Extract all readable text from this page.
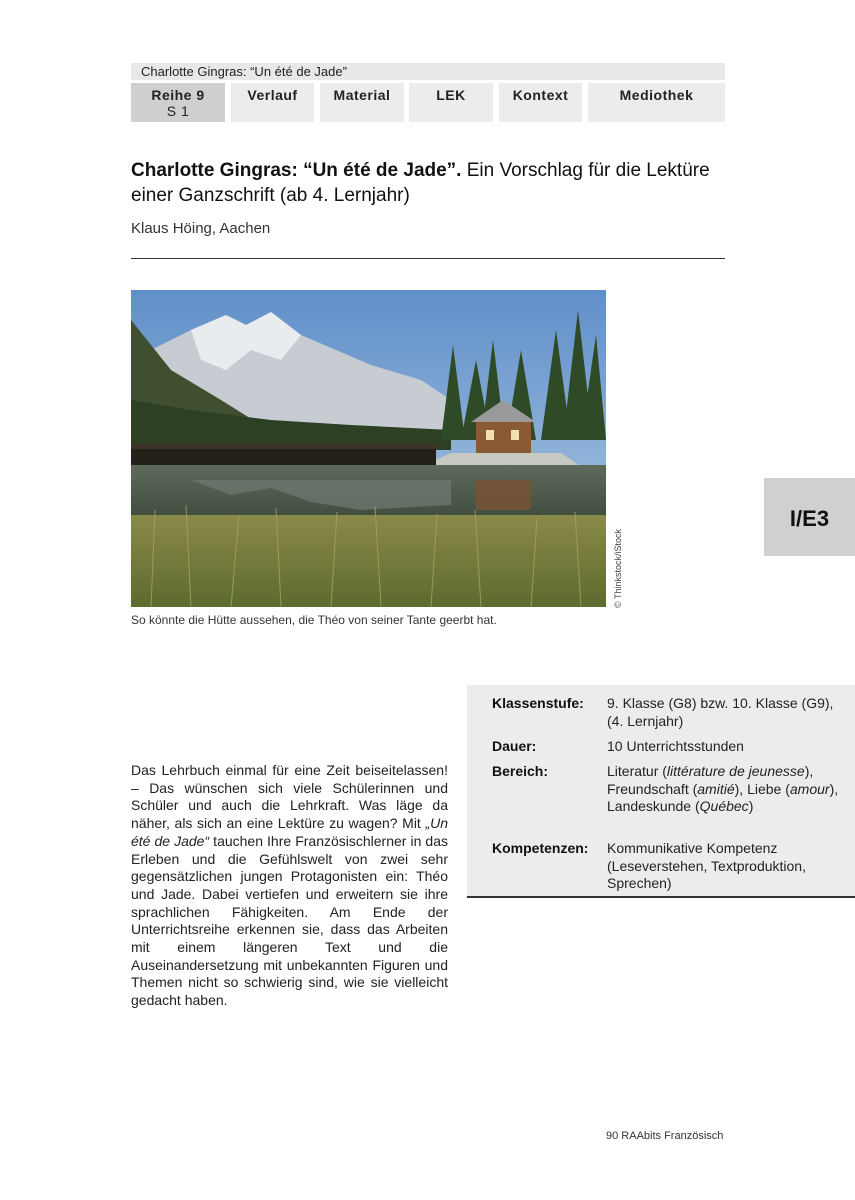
Charlotte Gingras: “Un été de Jade”
Reihe 9
S 1
Verlauf	Material	LEK	Kontext	Mediothek
Charlotte Gingras: “Un été de Jade”. Ein Vorschlag für die Lektüre einer Ganzschrift (ab 4. Lernjahr)
Klaus Höing, Aachen
© Thinkstock/iStock
So könnte die Hütte aussehen, die Théo von seiner Tante geerbt hat.
I/E3
Klassenstufe:	9. Klasse (G8) bzw. 10. Klasse (G9), (4. Lernjahr)
Dauer:	10 Unterrichtsstunden
Bereich:	Literatur (littérature de jeunesse), Freundschaft (amitié), Liebe (amour), Landeskunde (Québec)
Kompetenzen:	Kommunikative Kompetenz (Leseverstehen, Textproduktion, Sprechen)
Das Lehrbuch einmal für eine Zeit beiseitelassen! – Das wünschen sich viele Schülerinnen und Schüler und auch die Lehrkraft. Was läge da näher, als sich an eine Lektüre zu wagen? Mit „Un été de Jade“ tauchen Ihre Französischlerner in das Erleben und die Gefühlswelt von zwei sehr gegensätzlichen jungen Protagonisten ein: Théo und Jade. Dabei vertiefen und erweitern sie ihre sprachlichen Fähigkeiten. Am Ende der Unterrichtsreihe erkennen sie, dass das Arbeiten mit einem längeren Text und die Auseinandersetzung mit unbekannten Figuren und Themen nicht so schwierig sind, wie sie vielleicht gedacht haben.
90 RAAbits Französisch
